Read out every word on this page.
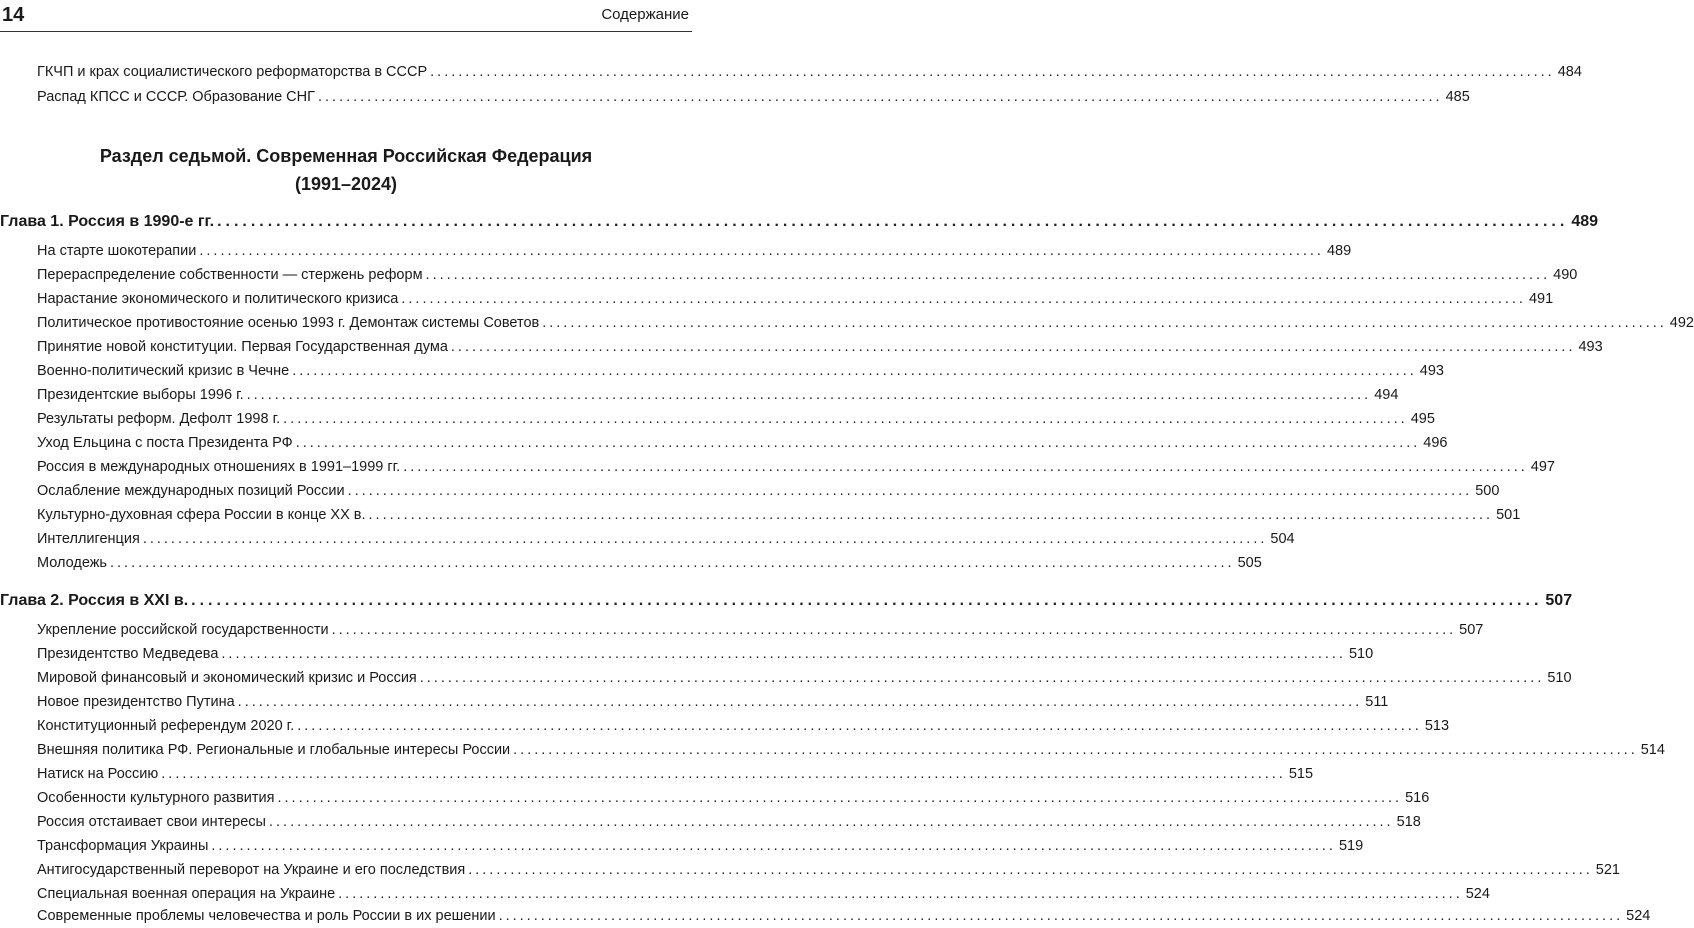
14	Содержание
ГКЧП и крах социалистического реформаторства в СССР ................................................................................................................................................................ 484
Распад КПСС и СССР. Образование СНГ ................................................................................................................................................................ 485
Раздел седьмой. Современная Российская Федерация
(1991–2024)
Глава 1. Россия в 1990-е гг. ................................................................................................................................................................ 489
На старте шокотерапии ................................................................................................................................................................ 489
Перераспределение собственности — стержень реформ ................................................................................................................................................................ 490
Нарастание экономического и политического кризиса ................................................................................................................................................................ 491
Политическое противостояние осенью 1993 г. Демонтаж системы Советов ................................................................................................................................................................ 492
Принятие новой конституции. Первая Государственная дума ................................................................................................................................................................ 493
Военно-политический кризис в Чечне ................................................................................................................................................................ 493
Президентские выборы 1996 г. ................................................................................................................................................................ 494
Результаты реформ. Дефолт 1998 г. ................................................................................................................................................................ 495
Уход Ельцина с поста Президента РФ ................................................................................................................................................................ 496
Россия в международных отношениях в 1991–1999 гг. ................................................................................................................................................................ 497
Ослабление международных позиций России ................................................................................................................................................................ 500
Культурно-духовная сфера России в конце XX в. ................................................................................................................................................................ 501
Интеллигенция ................................................................................................................................................................ 504
Молодежь ................................................................................................................................................................ 505
Глава 2. Россия в XXI в. ................................................................................................................................................................ 507
Укрепление российской государственности ................................................................................................................................................................ 507
Президентство Медведева ................................................................................................................................................................ 510
Мировой финансовый и экономический кризис и Россия ................................................................................................................................................................ 510
Новое президентство Путина ................................................................................................................................................................ 511
Конституционный референдум 2020 г. ................................................................................................................................................................ 513
Внешняя политика РФ. Региональные и глобальные интересы России ................................................................................................................................................................ 514
Натиск на Россию ................................................................................................................................................................ 515
Особенности культурного развития ................................................................................................................................................................ 516
Россия отстаивает свои интересы ................................................................................................................................................................ 518
Трансформация Украины ................................................................................................................................................................ 519
Антигосударственный переворот на Украине и его последствия ................................................................................................................................................................ 521
Специальная военная операция на Украине ................................................................................................................................................................ 524
Современные проблемы человечества и роль России в их решении ................................................................................................................................................................ 524
